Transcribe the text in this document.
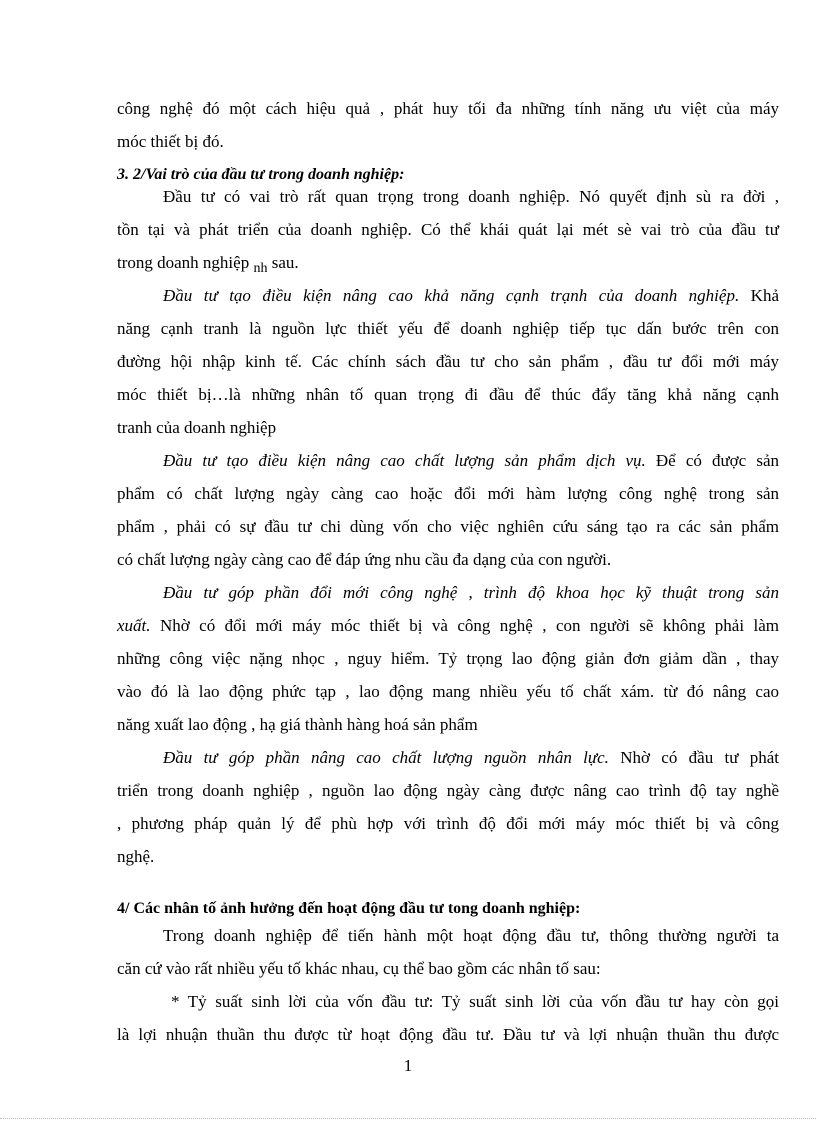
công nghệ đó một cách hiệu quả , phát huy tối đa những tính năng ưu việt của máy
móc thiết bị đó.
3. 2/Vai trò của đầu tư trong doanh nghiệp:
Đầu tư có vai trò rất quan trọng trong doanh nghiệp. Nó quyết định sù ra đời ,
tồn tại và phát triển của doanh nghiệp. Có thể khái quát lại mét sè vai trò của đầu tư
trong doanh nghiệp $_{nh}$ sau.
Đầu tư tạo điều kiện nâng cao khả năng cạnh trạnh của doanh nghiệp. Khả
năng cạnh tranh là nguồn lực thiết yếu để doanh nghiệp tiếp tục dấn bước trên con
đường hội nhập kinh tế. Các chính sách đầu tư cho sản phẩm , đầu tư đổi mới máy
móc thiết bị…là những nhân tố quan trọng đi đầu để thúc đẩy tăng khả năng cạnh
tranh của doanh nghiệp
Đầu tư tạo điều kiện nâng cao chất lượng sản phẩm dịch vụ. Để có được sản
phẩm có chất lượng ngày càng cao hoặc đổi mới hàm lượng công nghệ trong sản
phẩm , phải có sự đầu tư chi dùng vốn cho việc nghiên cứu sáng tạo ra các sản phẩm
có chất lượng ngày càng cao để đáp ứng nhu cầu đa dạng của con người.
Đầu tư góp phần đổi mới công nghệ , trình độ khoa học kỹ thuật trong sản
xuất. Nhờ có đổi mới máy móc thiết bị và công nghệ , con người sẽ không phải làm
những công việc nặng nhọc , nguy hiểm. Tỷ trọng lao động giản đơn giảm dần , thay
vào đó là lao động phức tạp , lao động mang nhiều yếu tố chất xám. từ đó nâng cao
năng xuất lao động , hạ giá thành hàng hoá sản phẩm
Đầu tư góp phần nâng cao chất lượng nguồn nhân lực. Nhờ có đầu tư phát
triển trong doanh nghiệp , nguồn lao động ngày càng được nâng cao trình độ tay nghề
, phương pháp quản lý để phù hợp với trình độ đổi mới máy móc thiết bị và công
nghệ.
4/ Các nhân tố ảnh hưởng đến hoạt động đầu tư tong doanh nghiệp:
Trong doanh nghiệp để tiến hành một hoạt động đầu tư, thông thường người ta
căn cứ vào rất nhiều yếu tố khác nhau, cụ thể bao gồm các nhân tố sau:
* Tỷ suất sinh lời của vốn đầu tư: Tỷ suất sinh lời của vốn đầu tư hay còn gọi
là lợi nhuận thuần thu được từ hoạt động đầu tư. Đầu tư và lợi nhuận thuần thu được
1
